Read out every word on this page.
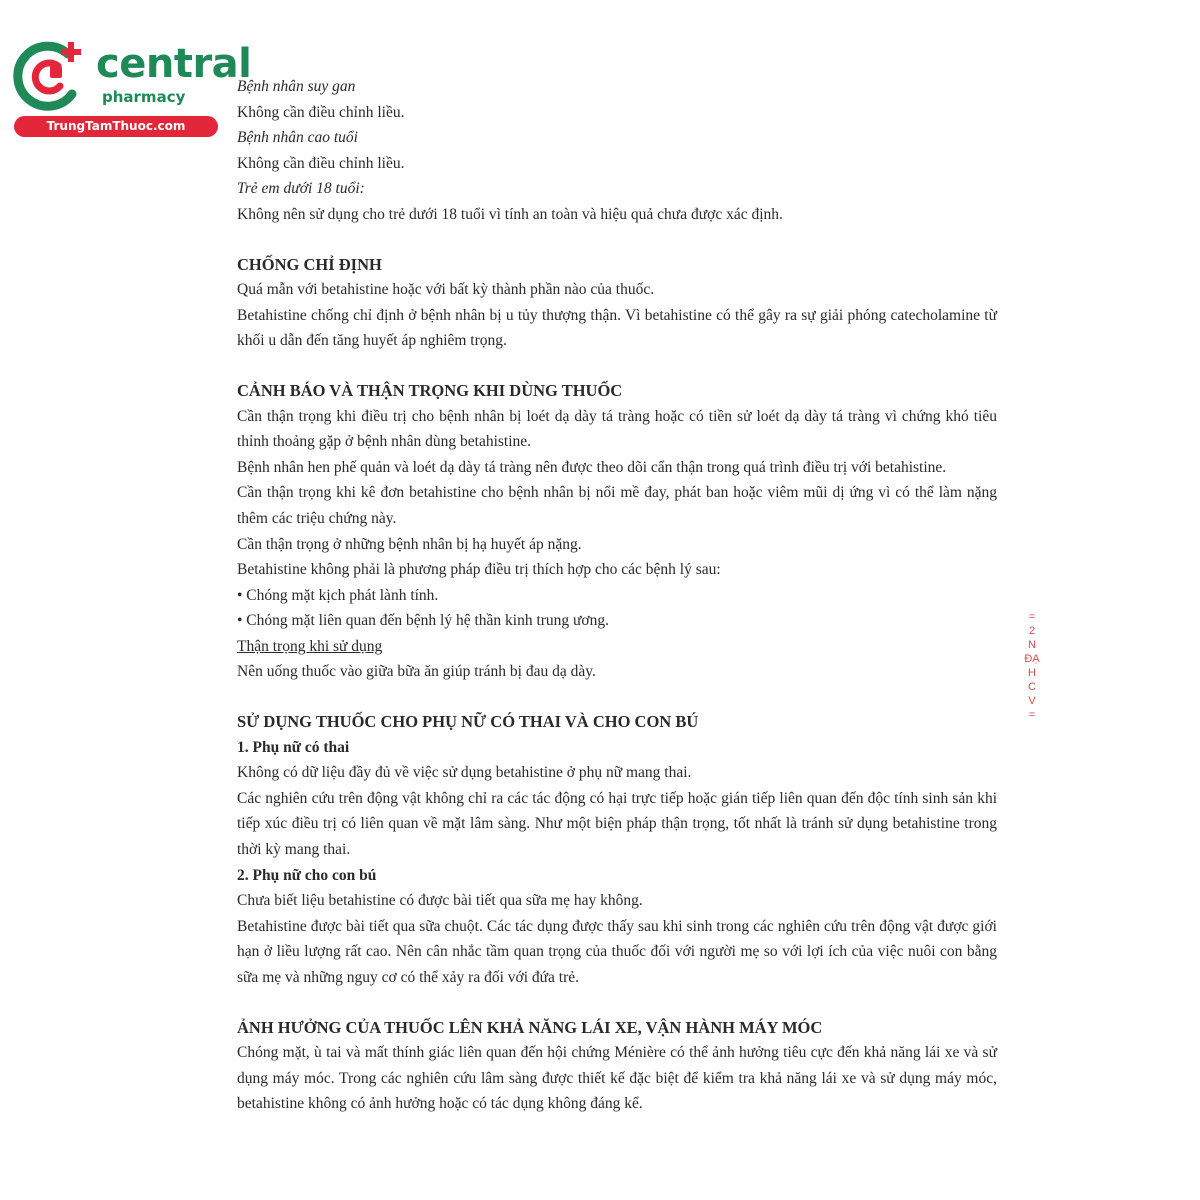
central
pharmacy
TrungTamThuoc.com

Bệnh nhân suy gan

Không cần điều chỉnh liều.

Bệnh nhân cao tuổi

Không cần điều chỉnh liều.

Trẻ em dưới 18 tuổi:

Không nên sử dụng cho trẻ dưới 18 tuổi vì tính an toàn và hiệu quả chưa được xác định.

CHỐNG CHỈ ĐỊNH

Quá mẫn với betahistine hoặc với bất kỳ thành phần nào của thuốc.

Betahistine chống chỉ định ở bệnh nhân bị u tủy thượng thận. Vì betahistine có thể gây ra sự giải phóng catecholamine từ khối u dẫn đến tăng huyết áp nghiêm trọng.

CẢNH BÁO VÀ THẬN TRỌNG KHI DÙNG THUỐC

Cần thận trọng khi điều trị cho bệnh nhân bị loét dạ dày tá tràng hoặc có tiền sử loét dạ dày tá tràng vì chứng khó tiêu thỉnh thoảng gặp ở bệnh nhân dùng betahistine.

Bệnh nhân hen phế quản và loét dạ dày tá tràng nên được theo dõi cẩn thận trong quá trình điều trị với betahistine.

Cần thận trọng khi kê đơn betahistine cho bệnh nhân bị nổi mề đay, phát ban hoặc viêm mũi dị ứng vì có thể làm nặng thêm các triệu chứng này.

Cần thận trọng ở những bệnh nhân bị hạ huyết áp nặng.

Betahistine không phải là phương pháp điều trị thích hợp cho các bệnh lý sau:

• Chóng mặt kịch phát lành tính.

• Chóng mặt liên quan đến bệnh lý hệ thần kinh trung ương.

Thận trọng khi sử dụng

Nên uống thuốc vào giữa bữa ăn giúp tránh bị đau dạ dày.

SỬ DỤNG THUỐC CHO PHỤ NỮ CÓ THAI VÀ CHO CON BÚ

1. Phụ nữ có thai

Không có dữ liệu đầy đủ về việc sử dụng betahistine ở phụ nữ mang thai.

Các nghiên cứu trên động vật không chỉ ra các tác động có hại trực tiếp hoặc gián tiếp liên quan đến độc tính sinh sản khi tiếp xúc điều trị có liên quan về mặt lâm sàng. Như một biện pháp thận trọng, tốt nhất là tránh sử dụng betahistine trong thời kỳ mang thai.

2. Phụ nữ cho con bú

Chưa biết liệu betahistine có được bài tiết qua sữa mẹ hay không.

Betahistine được bài tiết qua sữa chuột. Các tác dụng được thấy sau khi sinh trong các nghiên cứu trên động vật được giới hạn ở liều lượng rất cao. Nên cân nhắc tầm quan trọng của thuốc đối với người mẹ so với lợi ích của việc nuôi con bằng sữa mẹ và những nguy cơ có thể xảy ra đối với đứa trẻ.

ẢNH HƯỞNG CỦA THUỐC LÊN KHẢ NĂNG LÁI XE, VẬN HÀNH MÁY MÓC

Chóng mặt, ù tai và mất thính giác liên quan đến hội chứng Ménière có thể ảnh hưởng tiêu cực đến khả năng lái xe và sử dụng máy móc. Trong các nghiên cứu lâm sàng được thiết kế đặc biệt để kiểm tra khả năng lái xe và sử dụng máy móc, betahistine không có ảnh hưởng hoặc có tác dụng không đáng kể.

=
2
N
ĐẠ
H
C
V
=
